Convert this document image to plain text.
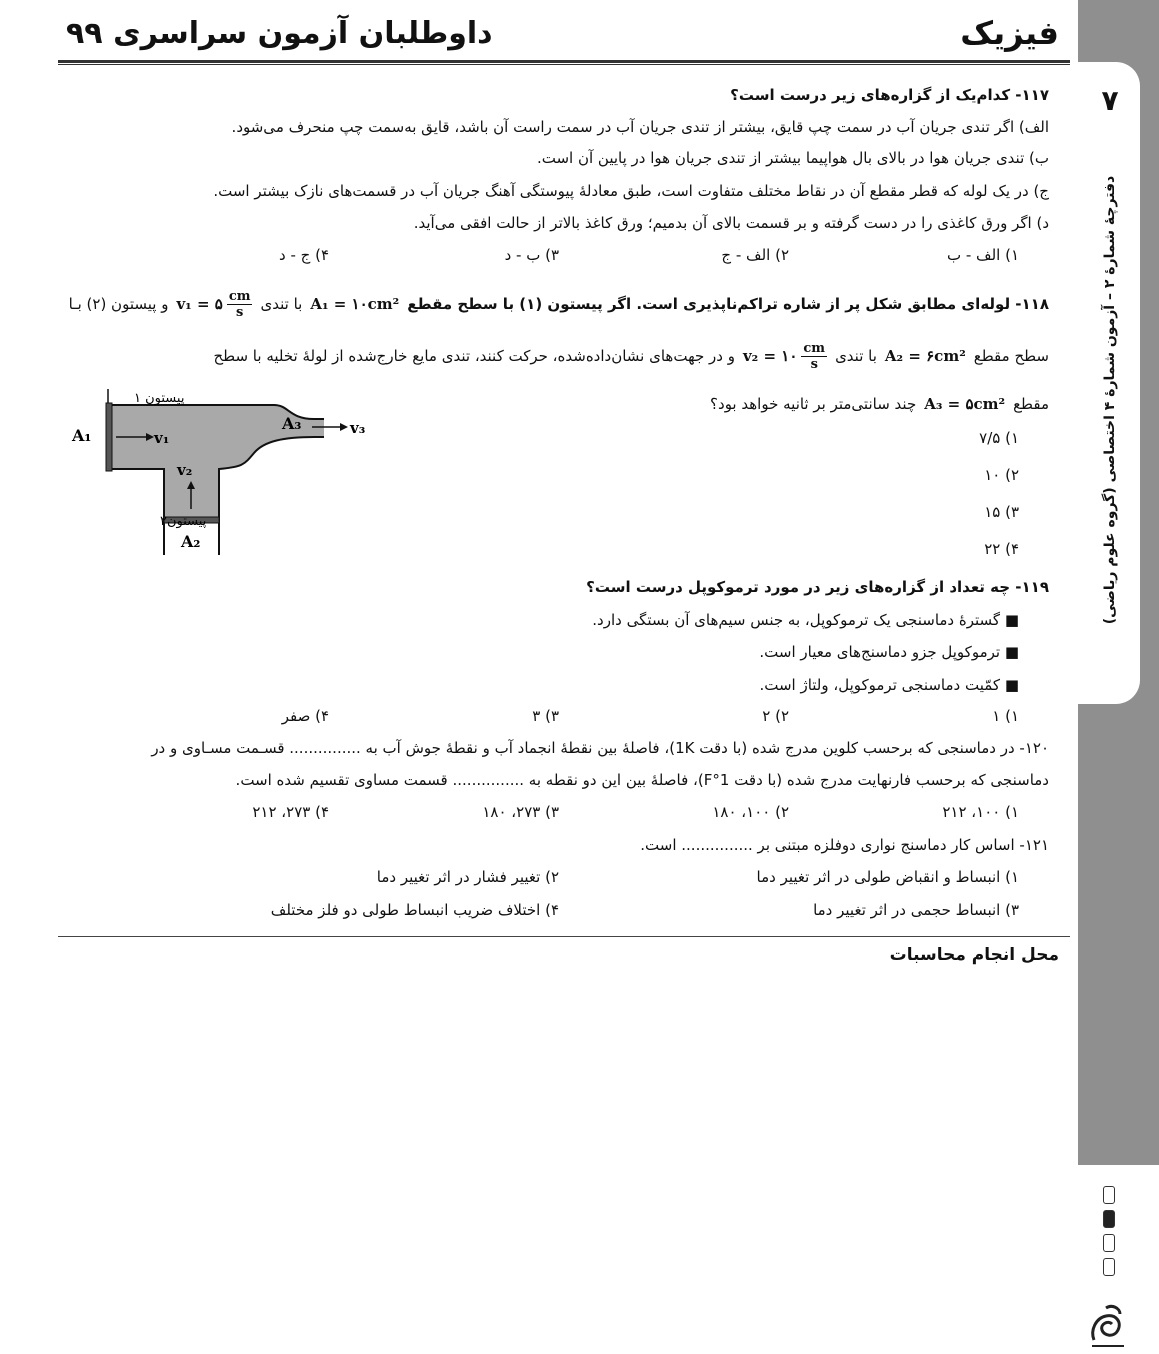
فیزیک
داوطلبان آزمون سراسری ۹۹
۷
دفترچهٔ شمارهٔ ۲ – آزمون شمارهٔ ۴ اختصاصی (گروه علوم ریاضی)
۱۱۷- کدام‌یک از گزاره‌های زیر درست است؟
الف) اگر تندی جریان آب در سمت چپ قایق، بیشتر از تندی جریان آب در سمت راست آن باشد، قایق به‌سمت چپ منحرف می‌شود.
ب) تندی جریان هوا در بالای بال هواپیما بیشتر از تندی جریان هوا در پایین آن است.
ج) در یک لوله که قطر مقطع آن در نقاط مختلف متفاوت است، طبق معادلهٔ پیوستگی آهنگ جریان آب در قسمت‌های نازک بیشتر است.
د) اگر ورق کاغذی را در دست گرفته و بر قسمت بالای آن بدمیم؛ ورق کاغذ بالاتر از حالت افقی می‌آید.
۱) الف - ب
۲) الف - ج
۳) ب - د
۴) ج - د
۱۱۸- لوله‌ای مطابق شکل پر از شاره تراکم‌ناپذیری است. اگر پیستون (۱) با سطح مقطع
A₁ = ۱۰cm²
با تندی
v₁ = ۵ $\frac{cm}{s}$
و پیستون (۲) بـا
سطح مقطع
A₂ = ۶cm²
با تندی
v₂ = ۱۰ $\frac{cm}{s}$
و در جهت‌های نشان‌داده‌شده، حرکت کنند، تندی مایع خارج‌شده از لولهٔ تخلیه با سطح
مقطع
A₃ = ۵cm²
چند سانتی‌متر بر ثانیه خواهد بود؟
۱) ۷/۵
۲) ۱۰
۳) ۱۵
۴) ۲۲
پیستون ۱
A₁	v₁
v₂
A₃	v₃
پیستون۲
A₂
۱۱۹- چه تعداد از گزاره‌های زیر در مورد ترموکوپل درست است؟
■ گسترهٔ دماسنجی یک ترموکوپل، به جنس سیم‌های آن بستگی دارد.
■ ترموکوپل جزو دماسنج‌های معیار است.
■ کمّیت دماسنجی ترموکوپل، ولتاژ است.
۱) ۱
۲) ۲
۳) ۳
۴) صفر
۱۲۰- در دماسنجی که برحسب کلوین مدرج شده (با دقت 1K)، فاصلهٔ بین نقطهٔ انجماد آب و نقطهٔ جوش آب به ............... قسـمت مسـاوی و در
دماسنجی که برحسب فارنهایت مدرج شده (با دقت 1°F)، فاصلهٔ بین این دو نقطه به ............... قسمت مساوی تقسیم شده است.
۱) ۱۰۰، ۲۱۲
۲) ۱۰۰، ۱۸۰
۳) ۲۷۳، ۱۸۰
۴) ۲۷۳، ۲۱۲
۱۲۱- اساس کار دماسنج نواری دوفلزه مبتنی بر ............... است.
۱) انبساط و انقباض طولی در اثر تغییر دما
۲) تغییر فشار در اثر تغییر دما
۳) انبساط حجمی در اثر تغییر دما
۴) اختلاف ضریب انبساط طولی دو فلز مختلف
محل انجام محاسبات
